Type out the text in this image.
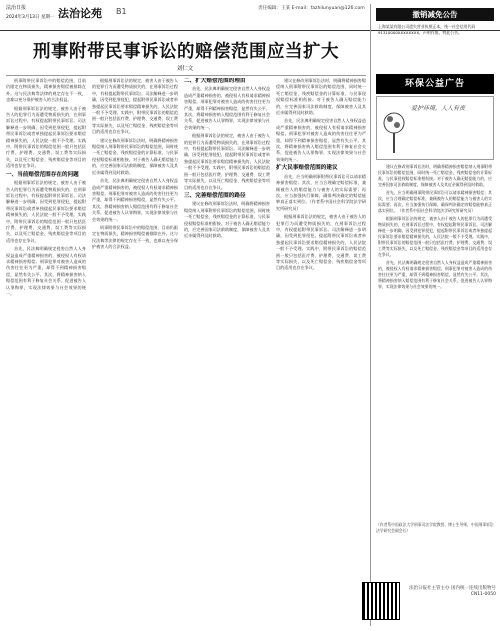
法治日报
2024年3月13日 星期一 法治论苑 B1	责任编辑：王某 E-mail：fazhilunyuan@126.com
刑事附带民事诉讼的赔偿范围应当扩大
刘仁文

刑事附带民事诉讼中的赔偿范围，目前仍限定在物质损失，精神损害赔偿被排除在外。这与民法典等法律的规定存在不一致，也难以充分保护被害人的合法权益。

根据刑事诉讼法的规定，被害人由于被告人的犯罪行为而遭受物质损失的，在刑事诉讼过程中，有权提起附带民事诉讼。司法解释进一步明确，因受到犯罪侵犯，提起附带民事诉讼或者单独提起民事诉讼要求赔偿精神损失的，人民法院一般不予受理。实践中，附带民事诉讼的赔偿范围一般只包括医疗费、护理费、交通费、误工费等实际损失，以及死亡赔偿金、残疾赔偿金等项目的适用也存在争议。

一、当前赔偿范围存在的问题

根据刑事诉讼法的规定，被害人由于被告人的犯罪行为而遭受物质损失的，在刑事诉讼过程中，有权提起附带民事诉讼。司法解释进一步明确，因受到犯罪侵犯，提起附带民事诉讼或者单独提起民事诉讼要求赔偿精神损失的，人民法院一般不予受理。实践中，附带民事诉讼的赔偿范围一般只包括医疗费、护理费、交通费、误工费等实际损失，以及死亡赔偿金、残疾赔偿金等项目的适用也存在争议。

首先，民法典明确规定侵害自然人人身权益造成严重精神损害的，被侵权人有权请求精神损害赔偿。刑事犯罪对被害人造成的伤害往往更为严重，却得不到精神损害赔偿，显然有失公平。其次，将精神损害纳入赔偿范围有利于修复社会关系，促进被告人认罪悔罪，实现法律效果与社会效果的统一。

根据刑事诉讼法的规定，被害人由于被告人的犯罪行为而遭受物质损失的，在刑事诉讼过程中，有权提起附带民事诉讼。司法解释进一步明确，因受到犯罪侵犯，提起附带民事诉讼或者单独提起民事诉讼要求赔偿精神损失的，人民法院一般不予受理。实践中，附带民事诉讼的赔偿范围一般只包括医疗费、护理费、交通费、误工费等实际损失，以及死亡赔偿金、残疾赔偿金等项目的适用也存在争议。

建议在修改刑事诉讼法时，明确将精神损害赔偿纳入刑事附带民事诉讼的赔偿范围，同时统一死亡赔偿金、残疾赔偿金的计算标准，与民事侵权赔偿标准相衔接。对于被告人确无赔偿能力的，应完善国家司法救助制度，保障被害人及其近亲属得到及时救助。

首先，民法典明确规定侵害自然人人身权益造成严重精神损害的，被侵权人有权请求精神损害赔偿。刑事犯罪对被害人造成的伤害往往更为严重，却得不到精神损害赔偿，显然有失公平。其次，将精神损害纳入赔偿范围有利于修复社会关系，促进被告人认罪悔罪，实现法律效果与社会效果的统一。

刑事附带民事诉讼中的赔偿范围，目前仍限定在物质损失，精神损害赔偿被排除在外。这与民法典等法律的规定存在不一致，也难以充分保护被害人的合法权益。

二、扩大赔偿范围的理由

首先，民法典明确规定侵害自然人人身权益造成严重精神损害的，被侵权人有权请求精神损害赔偿。刑事犯罪对被害人造成的伤害往往更为严重，却得不到精神损害赔偿，显然有失公平。其次，将精神损害纳入赔偿范围有利于修复社会关系，促进被告人认罪悔罪，实现法律效果与社会效果的统一。

根据刑事诉讼法的规定，被害人由于被告人的犯罪行为而遭受物质损失的，在刑事诉讼过程中，有权提起附带民事诉讼。司法解释进一步明确，因受到犯罪侵犯，提起附带民事诉讼或者单独提起民事诉讼要求赔偿精神损失的，人民法院一般不予受理。实践中，附带民事诉讼的赔偿范围一般只包括医疗费、护理费、交通费、误工费等实际损失，以及死亡赔偿金、残疾赔偿金等项目的适用也存在争议。

三、完善赔偿范围的路径

建议在修改刑事诉讼法时，明确将精神损害赔偿纳入刑事附带民事诉讼的赔偿范围，同时统一死亡赔偿金、残疾赔偿金的计算标准，与民事侵权赔偿标准相衔接。对于被告人确无赔偿能力的，应完善国家司法救助制度，保障被害人及其近亲属得到及时救助。

建议在修改刑事诉讼法时，明确将精神损害赔偿纳入刑事附带民事诉讼的赔偿范围，同时统一死亡赔偿金、残疾赔偿金的计算标准，与民事侵权赔偿标准相衔接。对于被告人确无赔偿能力的，应完善国家司法救助制度，保障被害人及其近亲属得到及时救助。

首先，民法典明确规定侵害自然人人身权益造成严重精神损害的，被侵权人有权请求精神损害赔偿。刑事犯罪对被害人造成的伤害往往更为严重，却得不到精神损害赔偿，显然有失公平。其次，将精神损害纳入赔偿范围有利于修复社会关系，促进被告人认罪悔罪，实现法律效果与社会效果的统一。

扩大民事赔偿范围的建议

首先，应当明确刑事附带民事诉讼可以请求精神损害赔偿；其次，应当合理确定赔偿标准，兼顾被告人的赔偿能力与被害人的实际需要；再次，应当加强执行保障，确保判决确定的赔偿能够真正落实到位。（作者系中国社会科学院法学研究所研究员）

根据刑事诉讼法的规定，被害人由于被告人的犯罪行为而遭受物质损失的，在刑事诉讼过程中，有权提起附带民事诉讼。司法解释进一步明确，因受到犯罪侵犯，提起附带民事诉讼或者单独提起民事诉讼要求赔偿精神损失的，人民法院一般不予受理。实践中，附带民事诉讼的赔偿范围一般只包括医疗费、护理费、交通费、误工费等实际损失，以及死亡赔偿金、残疾赔偿金等项目的适用也存在争议。

撤销减免公告
上海某某有限公司遗失营业执照正本，统一社会信用代码91310000XXXXXXXX，声明作废。特此公告。
环保公益广告
爱护环境，人人有责

建议在修改刑事诉讼法时，明确将精神损害赔偿纳入刑事附带民事诉讼的赔偿范围，同时统一死亡赔偿金、残疾赔偿金的计算标准，与民事侵权赔偿标准相衔接。对于被告人确无赔偿能力的，应完善国家司法救助制度，保障被害人及其近亲属得到及时救助。

首先，应当明确刑事附带民事诉讼可以请求精神损害赔偿；其次，应当合理确定赔偿标准，兼顾被告人的赔偿能力与被害人的实际需要；再次，应当加强执行保障，确保判决确定的赔偿能够真正落实到位。（作者系中国社会科学院法学研究所研究员）

根据刑事诉讼法的规定，被害人由于被告人的犯罪行为而遭受物质损失的，在刑事诉讼过程中，有权提起附带民事诉讼。司法解释进一步明确，因受到犯罪侵犯，提起附带民事诉讼或者单独提起民事诉讼要求赔偿精神损失的，人民法院一般不予受理。实践中，附带民事诉讼的赔偿范围一般只包括医疗费、护理费、交通费、误工费等实际损失，以及死亡赔偿金、残疾赔偿金等项目的适用也存在争议。

首先，民法典明确规定侵害自然人人身权益造成严重精神损害的，被侵权人有权请求精神损害赔偿。刑事犯罪对被害人造成的伤害往往更为严重，却得不到精神损害赔偿，显然有失公平。其次，将精神损害纳入赔偿范围有利于修复社会关系，促进被告人认罪悔罪，实现法律效果与社会效果的统一。

（作者系中国政法大学刑事司法学院教授、博士生导师，中国刑事诉讼法学研究会副会长）
法治日报社主管主办 国内统一连续出版物号 CN11-0050
